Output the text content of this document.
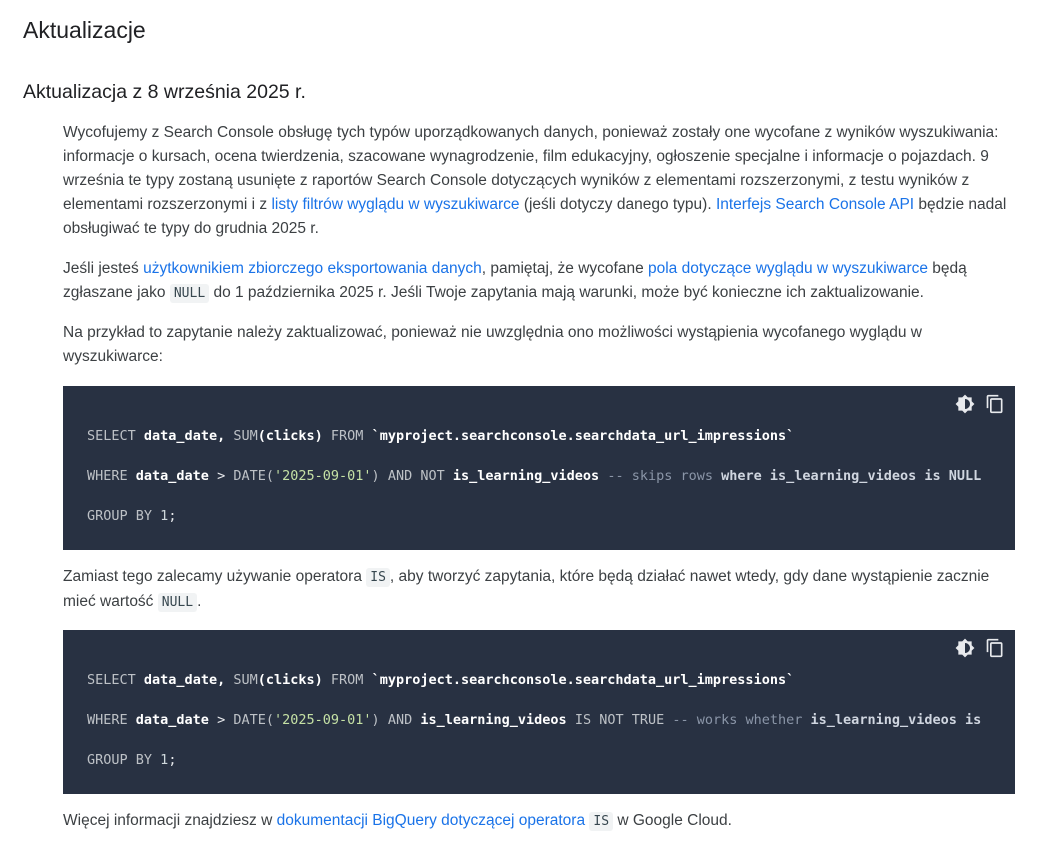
Aktualizacje
Aktualizacja z 8 września 2025 r.

Wycofujemy z Search Console obsługę tych typów uporządkowanych danych, ponieważ zostały one wycofane z wyników wyszukiwania: informacje o kursach, ocena twierdzenia, szacowane wynagrodzenie, film edukacyjny, ogłoszenie specjalne i informacje o pojazdach. 9 września te typy zostaną usunięte z raportów Search Console dotyczących wyników z elementami rozszerzonymi, z testu wyników z elementami rozszerzonymi i z listy filtrów wyglądu w wyszukiwarce (jeśli dotyczy danego typu). Interfejs Search Console API będzie nadal obsługiwać te typy do grudnia 2025 r.

Jeśli jesteś użytkownikiem zbiorczego eksportowania danych, pamiętaj, że wycofane pola dotyczące wyglądu w wyszukiwarce będą zgłaszane jako NULL do 1 października 2025 r. Jeśli Twoje zapytania mają warunki, może być konieczne ich zaktualizowanie.

Na przykład to zapytanie należy zaktualizować, ponieważ nie uwzględnia ono możliwości wystąpienia wycofanego wyglądu w wyszukiwarce:

SELECT data_date, SUM(clicks) FROM `myproject.searchconsole.searchdata_url_impressions`
WHERE data_date > DATE('2025-09-01') AND NOT is_learning_videos -- skips rows where is_learning_videos is NULL
GROUP BY 1;

Zamiast tego zalecamy używanie operatora IS , aby tworzyć zapytania, które będą działać nawet wtedy, gdy dane wystąpienie zacznie mieć wartość NULL .

SELECT data_date, SUM(clicks) FROM `myproject.searchconsole.searchdata_url_impressions`
WHERE data_date > DATE('2025-09-01') AND is_learning_videos IS NOT TRUE -- works whether is_learning_videos is
GROUP BY 1;

Więcej informacji znajdziesz w dokumentacji BigQuery dotyczącej operatora IS w Google Cloud.
